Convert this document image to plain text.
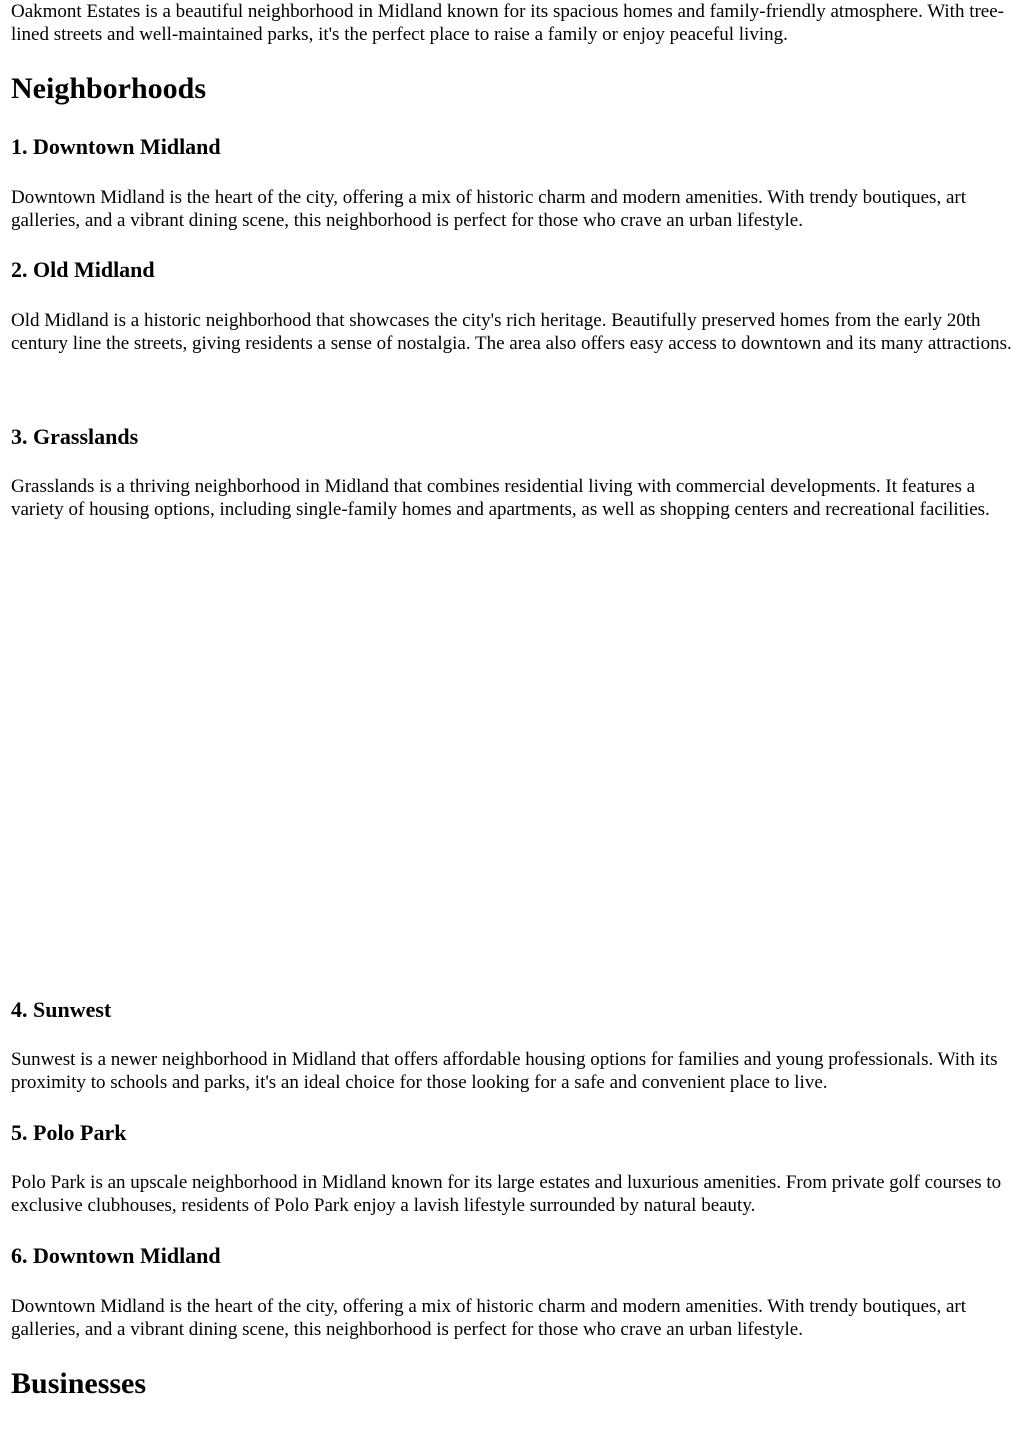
Oakmont Estates is a beautiful neighborhood in Midland known for its spacious homes and family-friendly atmosphere. With tree-lined streets and well-maintained parks, it's the perfect place to raise a family or enjoy peaceful living.

Neighborhoods
1. Downtown Midland

Downtown Midland is the heart of the city, offering a mix of historic charm and modern amenities. With trendy boutiques, art galleries, and a vibrant dining scene, this neighborhood is perfect for those who crave an urban lifestyle.

2. Old Midland

Old Midland is a historic neighborhood that showcases the city's rich heritage. Beautifully preserved homes from the early 20th century line the streets, giving residents a sense of nostalgia. The area also offers easy access to downtown and its many attractions.

3. Grasslands

Grasslands is a thriving neighborhood in Midland that combines residential living with commercial developments. It features a variety of housing options, including single-family homes and apartments, as well as shopping centers and recreational facilities.

4. Sunwest

Sunwest is a newer neighborhood in Midland that offers affordable housing options for families and young professionals. With its proximity to schools and parks, it's an ideal choice for those looking for a safe and convenient place to live.

5. Polo Park

Polo Park is an upscale neighborhood in Midland known for its large estates and luxurious amenities. From private golf courses to exclusive clubhouses, residents of Polo Park enjoy a lavish lifestyle surrounded by natural beauty.

6. Downtown Midland

Downtown Midland is the heart of the city, offering a mix of historic charm and modern amenities. With trendy boutiques, art galleries, and a vibrant dining scene, this neighborhood is perfect for those who crave an urban lifestyle.

Businesses
